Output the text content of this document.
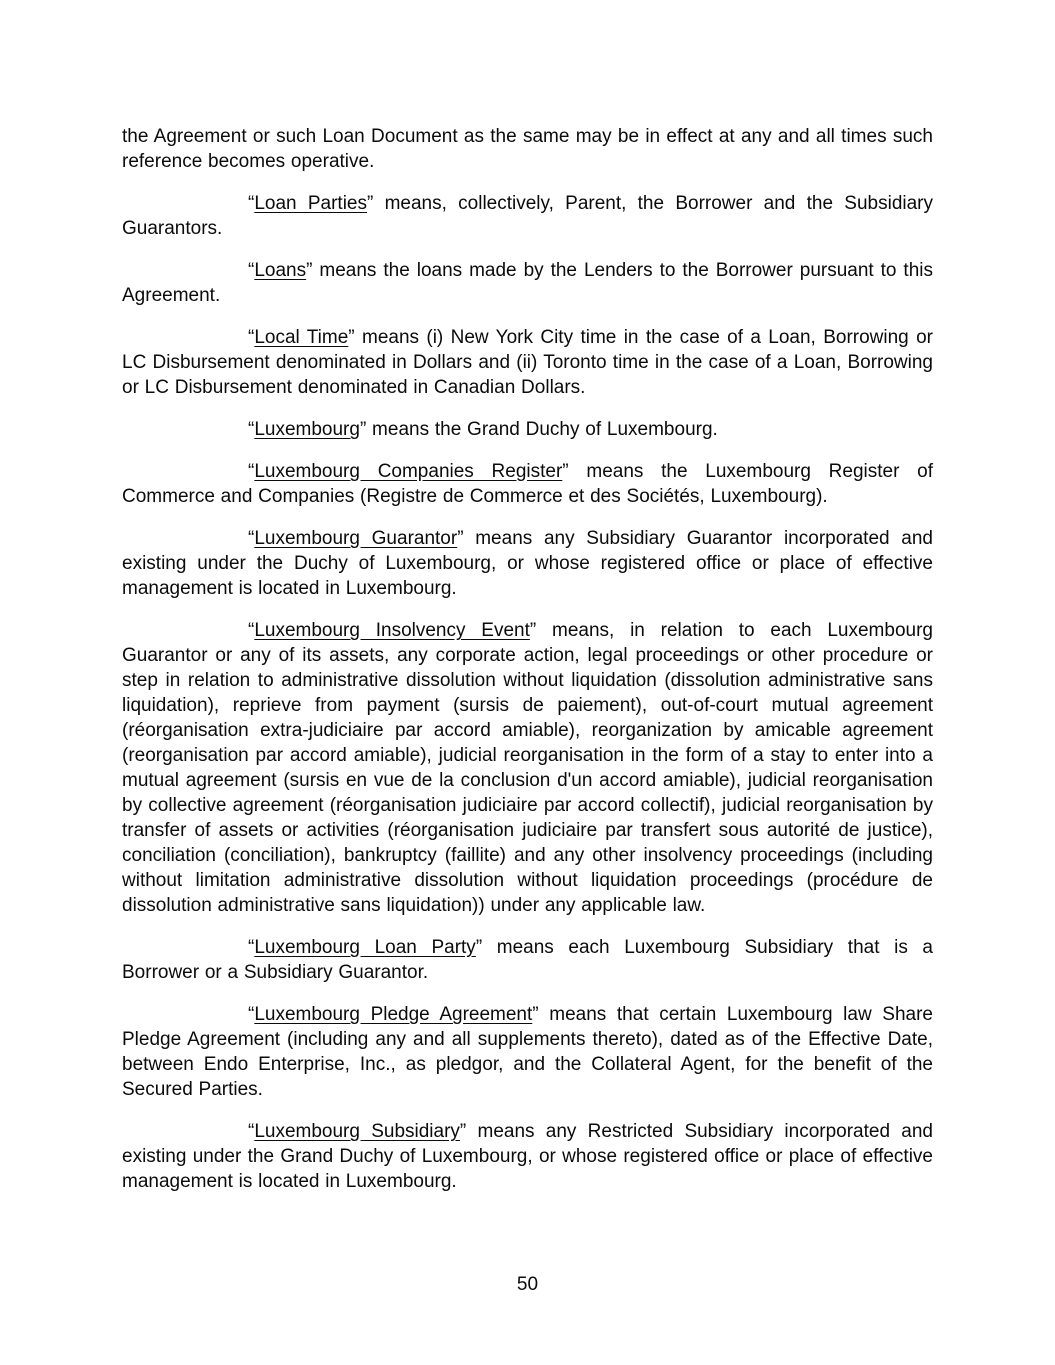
the Agreement or such Loan Document as the same may be in effect at any and all times such reference becomes operative.

“Loan Parties” means, collectively, Parent, the Borrower and the Subsidiary Guarantors.

“Loans” means the loans made by the Lenders to the Borrower pursuant to this Agreement.

“Local Time” means (i) New York City time in the case of a Loan, Borrowing or LC Disbursement denominated in Dollars and (ii) Toronto time in the case of a Loan, Borrowing or LC Disbursement denominated in Canadian Dollars.

“Luxembourg” means the Grand Duchy of Luxembourg.

“Luxembourg Companies Register” means the Luxembourg Register of Commerce and Companies (Registre de Commerce et des Sociétés, Luxembourg).

“Luxembourg Guarantor” means any Subsidiary Guarantor incorporated and existing under the Duchy of Luxembourg, or whose registered office or place of effective management is located in Luxembourg.

“Luxembourg Insolvency Event” means, in relation to each Luxembourg Guarantor or any of its assets, any corporate action, legal proceedings or other procedure or step in relation to administrative dissolution without liquidation (dissolution administrative sans liquidation), reprieve from payment (sursis de paiement), out-of-court mutual agreement (réorganisation extra-judiciaire par accord amiable), reorganization by amicable agreement (reorganisation par accord amiable), judicial reorganisation in the form of a stay to enter into a mutual agreement (sursis en vue de la conclusion d'un accord amiable), judicial reorganisation by collective agreement (réorganisation judiciaire par accord collectif), judicial reorganisation by transfer of assets or activities (réorganisation judiciaire par transfert sous autorité de justice), conciliation (conciliation), bankruptcy (faillite) and any other insolvency proceedings (including without limitation administrative dissolution without liquidation proceedings (procédure de dissolution administrative sans liquidation)) under any applicable law.

“Luxembourg Loan Party” means each Luxembourg Subsidiary that is a Borrower or a Subsidiary Guarantor.

“Luxembourg Pledge Agreement” means that certain Luxembourg law Share Pledge Agreement (including any and all supplements thereto), dated as of the Effective Date, between Endo Enterprise, Inc., as pledgor, and the Collateral Agent, for the benefit of the Secured Parties.

“Luxembourg Subsidiary” means any Restricted Subsidiary incorporated and existing under the Grand Duchy of Luxembourg, or whose registered office or place of effective management is located in Luxembourg.

50
